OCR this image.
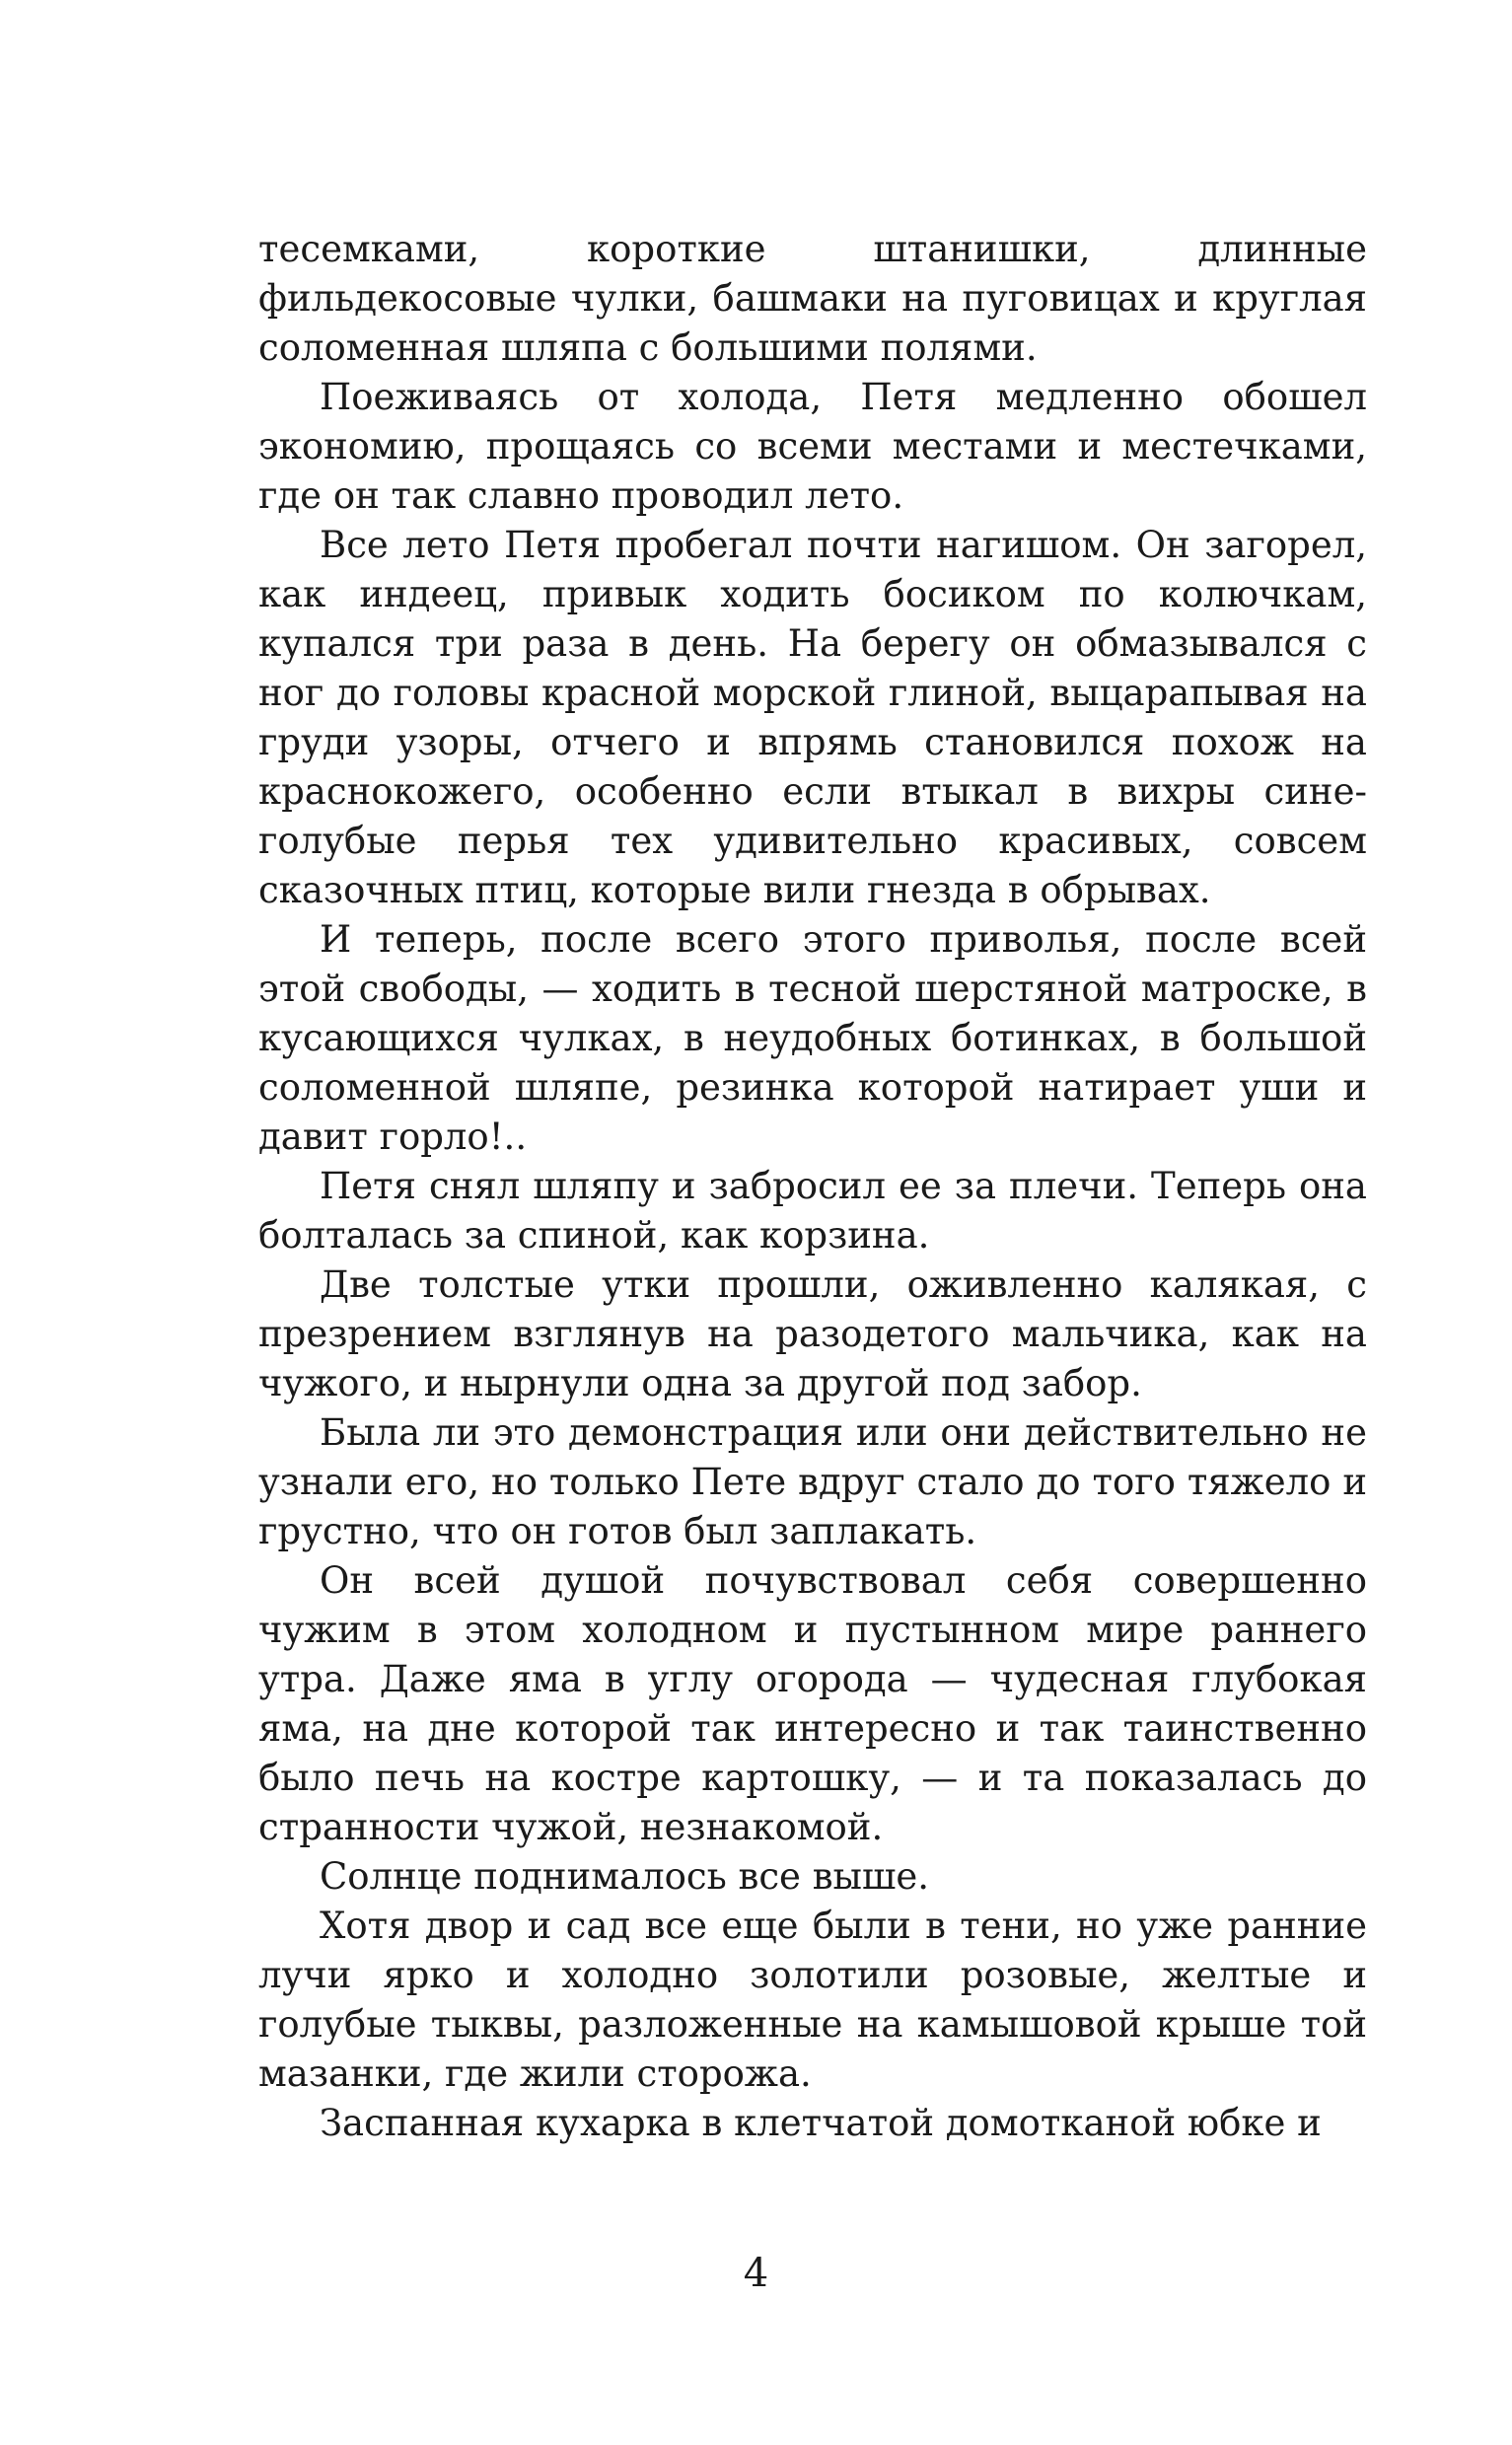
тесемками, короткие штанишки, длинные фильдекосовые чулки, башмаки на пуговицах и круглая соломенная шляпа с большими полями.

Поеживаясь от холода, Петя медленно обошел экономию, прощаясь со всеми местами и местечками, где он так славно проводил лето.

Все лето Петя пробегал почти нагишом. Он загорел, как индеец, привык ходить босиком по колючкам, купался три раза в день. На берегу он обмазывался с ног до головы красной морской глиной, выцарапывая на груди узоры, отчего и впрямь становился похож на краснокожего, особенно если втыкал в вихры сине-голубые перья тех удивительно красивых, совсем сказочных птиц, которые вили гнезда в обрывах.

И теперь, после всего этого приволья, после всей этой свободы, — ходить в тесной шерстяной матроске, в кусающихся чулках, в неудобных ботинках, в большой соломенной шляпе, резинка которой натирает уши и давит горло!..

Петя снял шляпу и забросил ее за плечи. Теперь она болталась за спиной, как корзина.

Две толстые утки прошли, оживленно калякая, с презрением взглянув на разодетого мальчика, как на чужого, и нырнули одна за другой под забор.

Была ли это демонстрация или они действительно не узнали его, но только Пете вдруг стало до того тяжело и грустно, что он готов был заплакать.

Он всей душой почувствовал себя совершенно чужим в этом холодном и пустынном мире раннего утра. Даже яма в углу огорода — чудесная глубокая яма, на дне которой так интересно и так таинственно было печь на костре картошку, — и та показалась до странности чужой, незнакомой.

Солнце поднималось все выше.

Хотя двор и сад все еще были в тени, но уже ранние лучи ярко и холодно золотили розовые, желтые и голубые тыквы, разложенные на камышовой крыше той мазанки, где жили сторожа.

Заспанная кухарка в клетчатой домотканой юбке и

4
